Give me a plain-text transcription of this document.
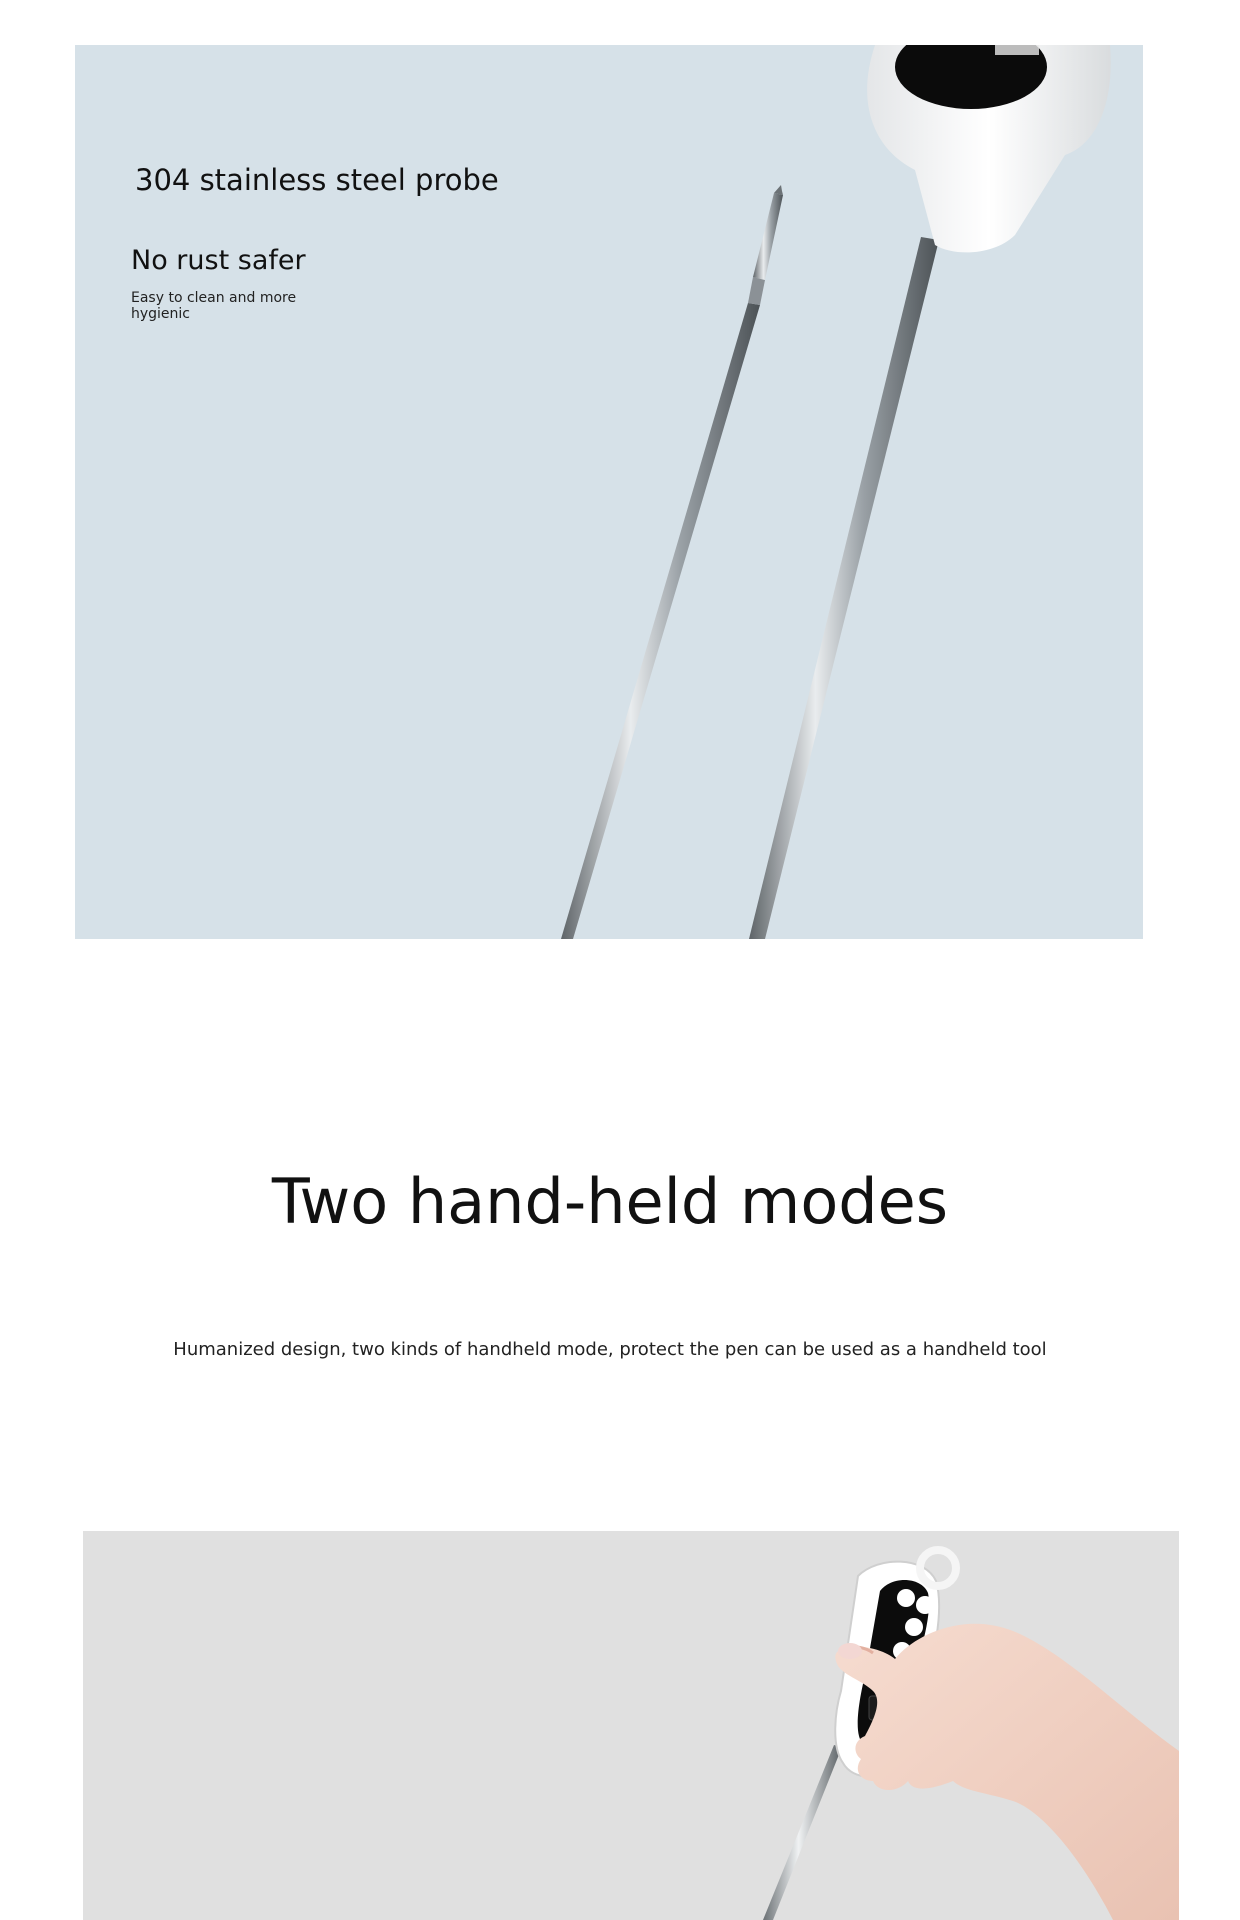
304 stainless steel probe
No rust safer
Easy to clean and more hygienic
Two hand-held modes
Humanized design, two kinds of handheld mode, protect the pen can be used as a handheld tool
